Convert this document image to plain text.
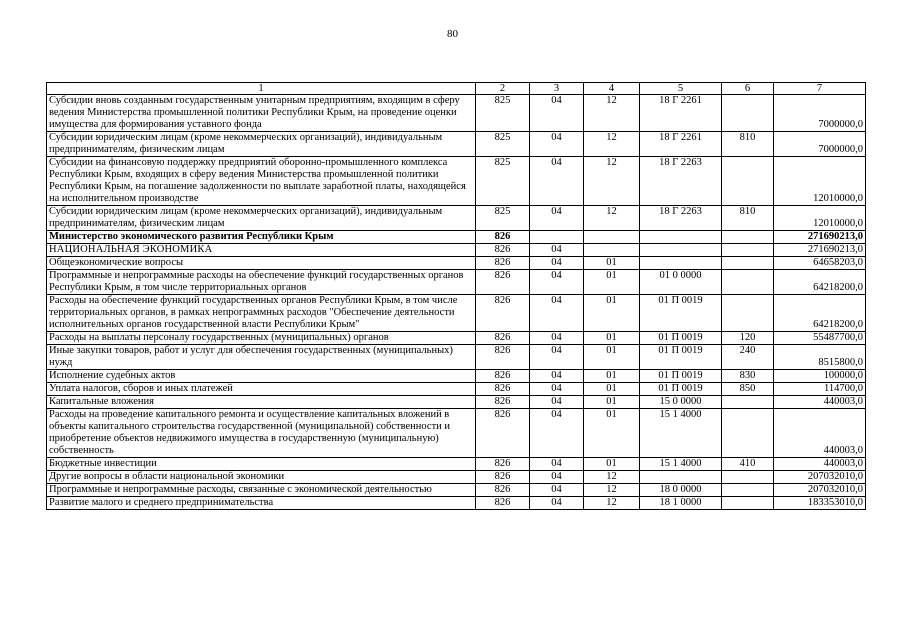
80
1	2	3	4	5	6	7
Субсидии вновь созданным государственным унитарным предприятиям, входящим в сферу ведения Министерства промышленной политики Республики Крым, на проведение оценки имущества для формирования уставного фонда	825	04	12	18 Г 2261		7000000,0
Субсидии юридическим лицам (кроме некоммерческих организаций), индивидуальным предпринимателям, физическим лицам	825	04	12	18 Г 2261	810	7000000,0
Субсидии на финансовую поддержку предприятий оборонно-промышленного комплекса Республики Крым, входящих в сферу ведения Министерства промышленной политики Республики Крым, на погашение задолженности по выплате заработной платы, находящейся на исполнительном производстве	825	04	12	18 Г 2263		12010000,0
Субсидии юридическим лицам (кроме некоммерческих организаций), индивидуальным предпринимателям, физическим лицам	825	04	12	18 Г 2263	810	12010000,0
Министерство экономического развития Республики Крым	826					271690213,0
НАЦИОНАЛЬНАЯ ЭКОНОМИКА	826	04				271690213,0
Общеэкономические вопросы	826	04	01			64658203,0
Программные и непрограммные расходы на обеспечение функций государственных органов Республики Крым, в том числе территориальных органов	826	04	01	01 0 0000		64218200,0
Расходы на обеспечение функций государственных органов Республики Крым, в том числе территориальных органов, в рамках непрограммных расходов "Обеспечение деятельности исполнительных органов государственной власти Республики Крым"	826	04	01	01 П 0019		64218200,0
Расходы на выплаты персоналу государственных (муниципальных) органов	826	04	01	01 П 0019	120	55487700,0
Иные закупки товаров, работ и услуг для обеспечения государственных (муниципальных) нужд	826	04	01	01 П 0019	240	8515800,0
Исполнение судебных актов	826	04	01	01 П 0019	830	100000,0
Уплата налогов, сборов и иных платежей	826	04	01	01 П 0019	850	114700,0
Капитальные вложения	826	04	01	15 0 0000		440003,0
Расходы на проведение капитального ремонта и осуществление капитальных вложений в объекты капитального строительства государственной (муниципальной) собственности и приобретение объектов недвижимого имущества в государственную (муниципальную) собственность	826	04	01	15 1 4000		440003,0
Бюджетные инвестиции	826	04	01	15 1 4000	410	440003,0
Другие вопросы в области национальной экономики	826	04	12			207032010,0
Программные и непрограммные расходы, связанные с экономической деятельностью	826	04	12	18 0 0000		207032010,0
Развитие малого и среднего предпринимательства	826	04	12	18 1 0000		183353010,0
